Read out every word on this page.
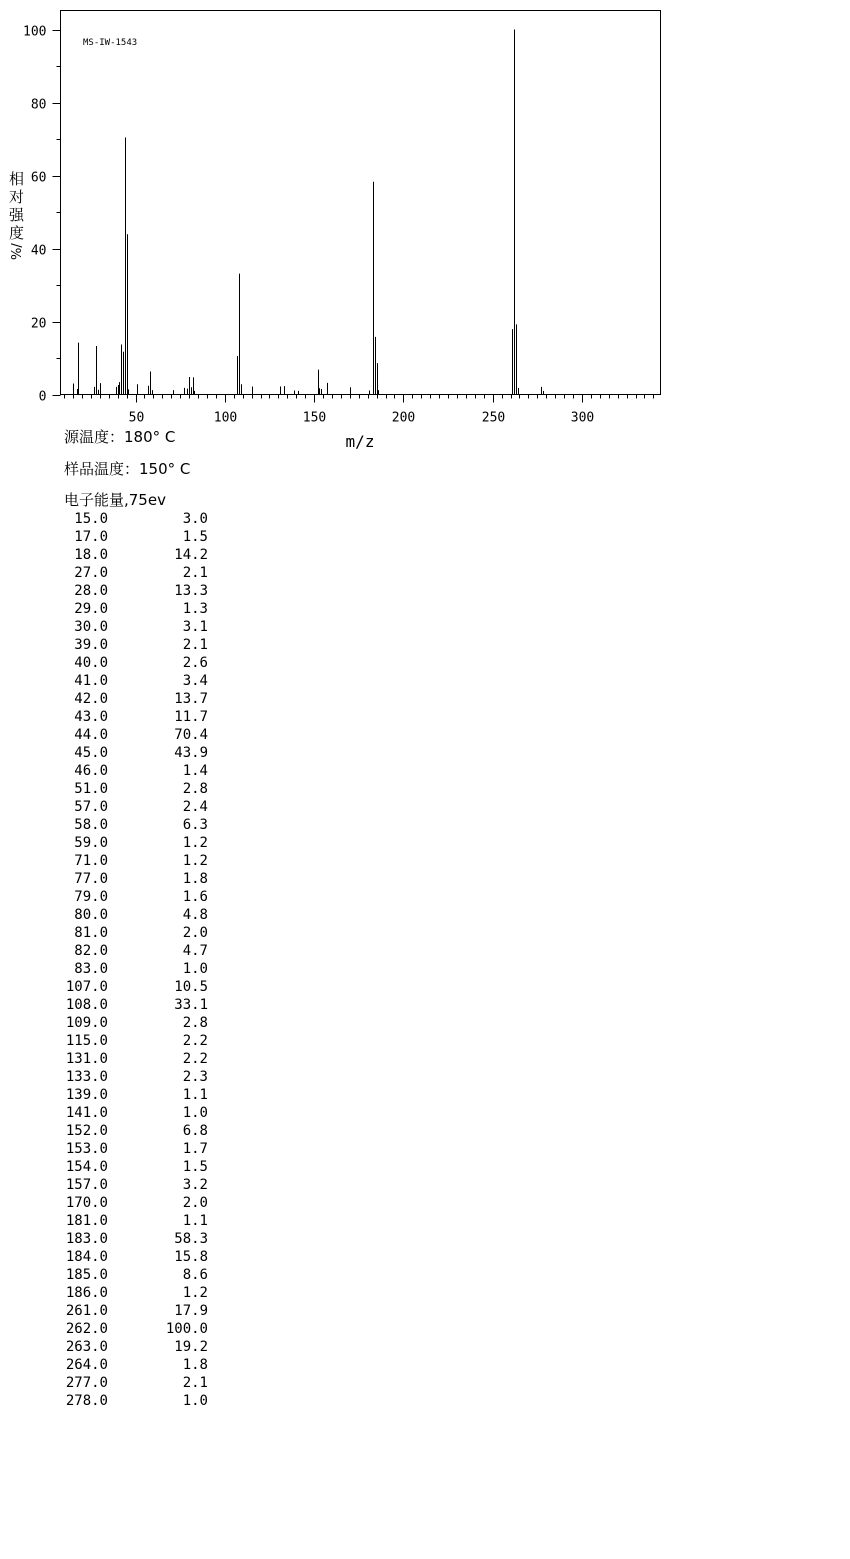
50	100	150	200	250	300
0
20
40
60
80
100
MS-IW-1543
m/z
相
对
强
%/
度
源温度：180° C
样品温度：150° C
电子能量,75ev
15.0	3.0
17.0	1.5
18.0	14.2
27.0	2.1
28.0	13.3
29.0	1.3
30.0	3.1
39.0	2.1
40.0	2.6
41.0	3.4
42.0	13.7
43.0	11.7
44.0	70.4
45.0	43.9
46.0	1.4
51.0	2.8
57.0	2.4
58.0	6.3
59.0	1.2
71.0	1.2
77.0	1.8
79.0	1.6
80.0	4.8
81.0	2.0
82.0	4.7
83.0	1.0
107.0	10.5
108.0	33.1
109.0	2.8
115.0	2.2
131.0	2.2
133.0	2.3
139.0	1.1
141.0	1.0
152.0	6.8
153.0	1.7
154.0	1.5
157.0	3.2
170.0	2.0
181.0	1.1
183.0	58.3
184.0	15.8
185.0	8.6
186.0	1.2
261.0	17.9
262.0	100.0
263.0	19.2
264.0	1.8
277.0	2.1
278.0	1.0
